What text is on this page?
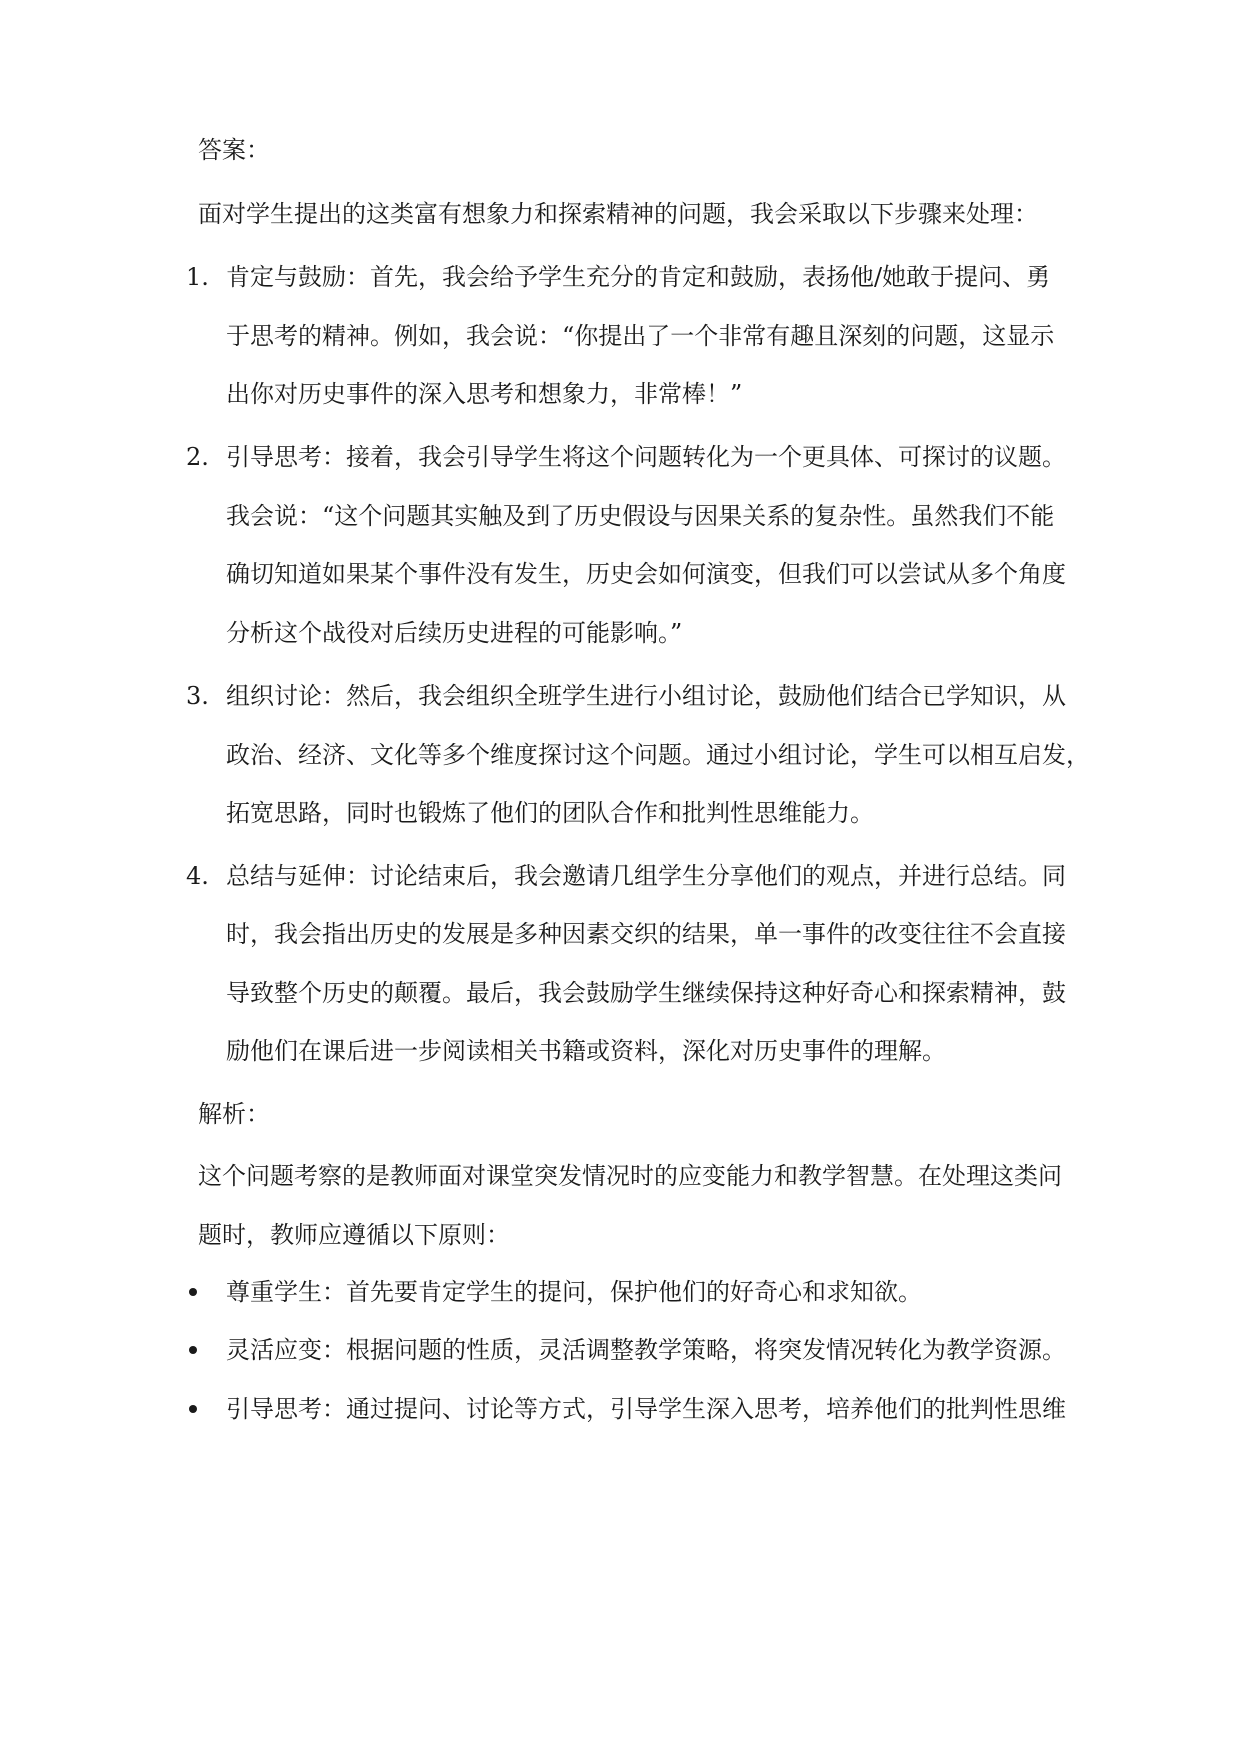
答案：
面对学生提出的这类富有想象力和探索精神的问题，我会采取以下步骤来处理：
1. 肯定与鼓励：首先，我会给予学生充分的肯定和鼓励，表扬他/她敢于提问、勇
于思考的精神。例如，我会说：“你提出了一个非常有趣且深刻的问题，这显示
出你对历史事件的深入思考和想象力，非常棒！”
2. 引导思考：接着，我会引导学生将这个问题转化为一个更具体、可探讨的议题。
我会说：“这个问题其实触及到了历史假设与因果关系的复杂性。虽然我们不能
确切知道如果某个事件没有发生，历史会如何演变，但我们可以尝试从多个角度
分析这个战役对后续历史进程的可能影响。”
3. 组织讨论：然后，我会组织全班学生进行小组讨论，鼓励他们结合已学知识，从
政治、经济、文化等多个维度探讨这个问题。通过小组讨论，学生可以相互启发，
拓宽思路，同时也锻炼了他们的团队合作和批判性思维能力。
4. 总结与延伸：讨论结束后，我会邀请几组学生分享他们的观点，并进行总结。同
时，我会指出历史的发展是多种因素交织的结果，单一事件的改变往往不会直接
导致整个历史的颠覆。最后，我会鼓励学生继续保持这种好奇心和探索精神，鼓
励他们在课后进一步阅读相关书籍或资料，深化对历史事件的理解。
解析：
这个问题考察的是教师面对课堂突发情况时的应变能力和教学智慧。在处理这类问
题时，教师应遵循以下原则：
尊重学生：首先要肯定学生的提问，保护他们的好奇心和求知欲。
灵活应变：根据问题的性质，灵活调整教学策略，将突发情况转化为教学资源。
引导思考：通过提问、讨论等方式，引导学生深入思考，培养他们的批判性思维
